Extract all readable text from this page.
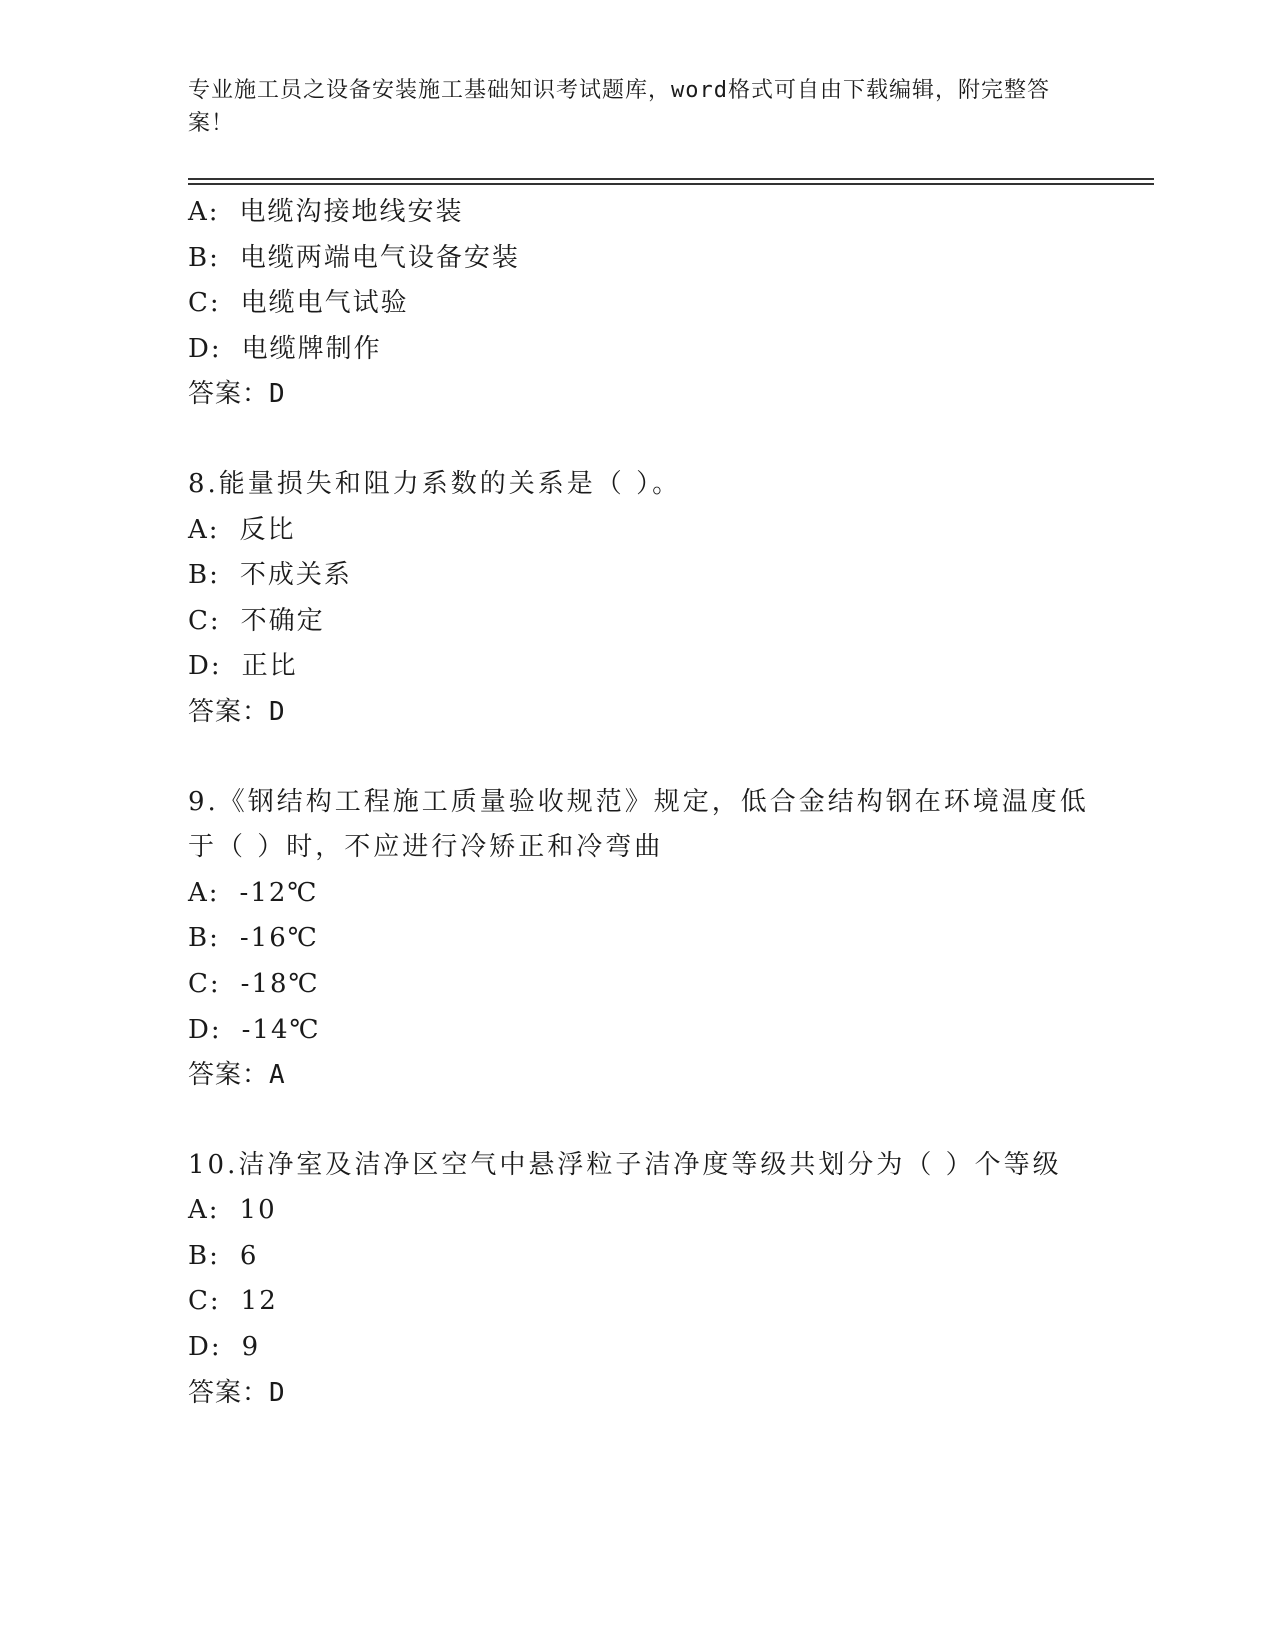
专业施工员之设备安装施工基础知识考试题库，word格式可自由下载编辑，附完整答案！
A: 电缆沟接地线安装
B: 电缆两端电气设备安装
C: 电缆电气试验
D: 电缆牌制作
答案：D
8.能量损失和阻力系数的关系是（ ）。
A: 反比
B: 不成关系
C: 不确定
D: 正比
答案：D
9.《钢结构工程施工质量验收规范》规定，低合金结构钢在环境温度低于（ ）时，不应进行冷矫正和冷弯曲
A: -12℃
B: -16℃
C: -18℃
D: -14℃
答案：A
10.洁净室及洁净区空气中悬浮粒子洁净度等级共划分为（ ）个等级
A: 10
B: 6
C: 12
D: 9
答案：D
